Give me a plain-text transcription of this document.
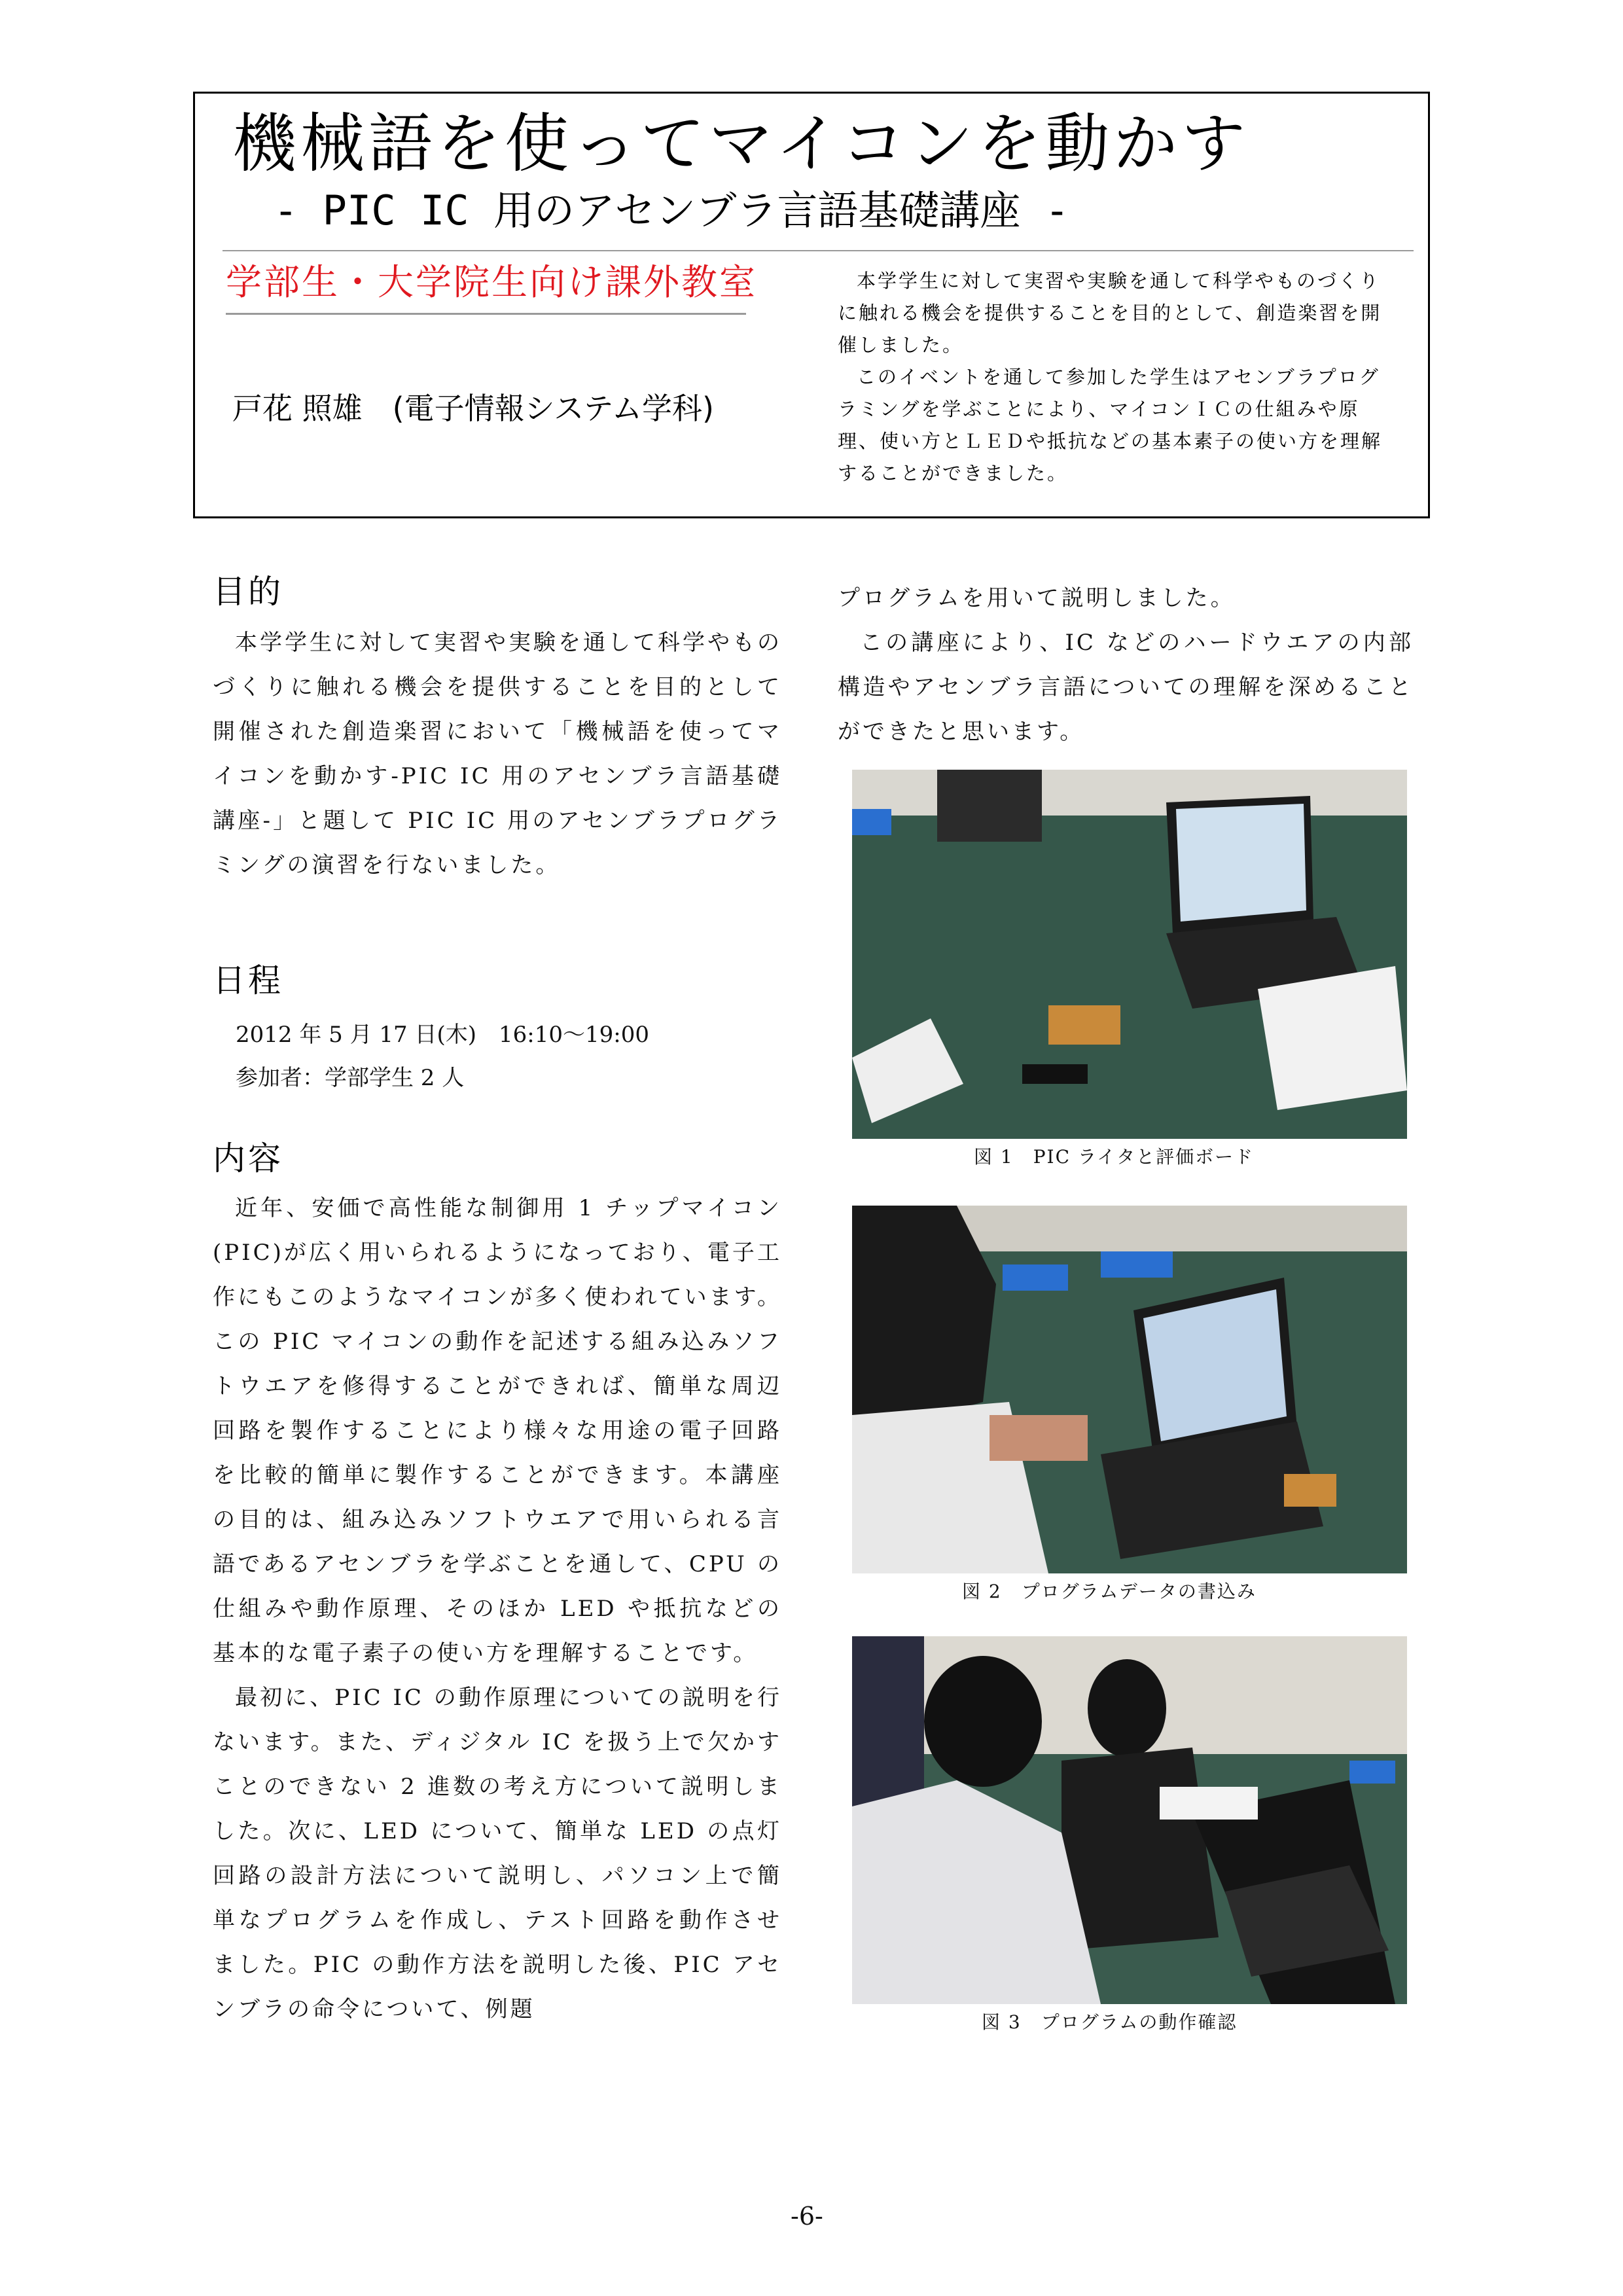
機械語を使ってマイコンを動かす
- PIC IC 用のアセンブラ言語基礎講座 -
学部生・大学院生向け課外教室
戸花 照雄　(電子情報システム学科)

本学学生に対して実習や実験を通して科学やものづくりに触れる機会を提供することを目的として、創造楽習を開催しました。

このイベントを通して参加した学生はアセンブラプログラミングを学ぶことにより、マイコンＩＣの仕組みや原理、使い方とＬＥＤや抵抗などの基本素子の使い方を理解することができました。

目的

本学学生に対して実習や実験を通して科学やものづくりに触れる機会を提供することを目的として開催された創造楽習において「機械語を使ってマイコンを動かす-PIC IC 用のアセンブラ言語基礎講座-」と題して PIC IC 用のアセンブラプログラミングの演習を行ないました。

日程
2012 年 5 月 17 日(木)　16:10～19:00
参加者：学部学生 2 人
内容

近年、安価で高性能な制御用 1 チップマイコン(PIC)が広く用いられるようになっており、電子工作にもこのようなマイコンが多く使われています。この PIC マイコンの動作を記述する組み込みソフトウエアを修得することができれば、簡単な周辺回路を製作することにより様々な用途の電子回路を比較的簡単に製作することができます。本講座の目的は、組み込みソフトウエアで用いられる言語であるアセンブラを学ぶことを通して、CPU の仕組みや動作原理、そのほか LED や抵抗などの基本的な電子素子の使い方を理解することです。

最初に、PIC IC の動作原理についての説明を行ないます。また、ディジタル IC を扱う上で欠かすことのできない 2 進数の考え方について説明しました。次に、LED について、簡単な LED の点灯回路の設計方法について説明し、パソコン上で簡単なプログラムを作成し、テスト回路を動作させました。PIC の動作方法を説明した後、PIC アセンブラの命令について、例題

プログラムを用いて説明しました。

この講座により、IC などのハードウエアの内部構造やアセンブラ言語についての理解を深めることができたと思います。

図 1　PIC ライタと評価ボード
図 2　プログラムデータの書込み
図 3　プログラムの動作確認
-6-
